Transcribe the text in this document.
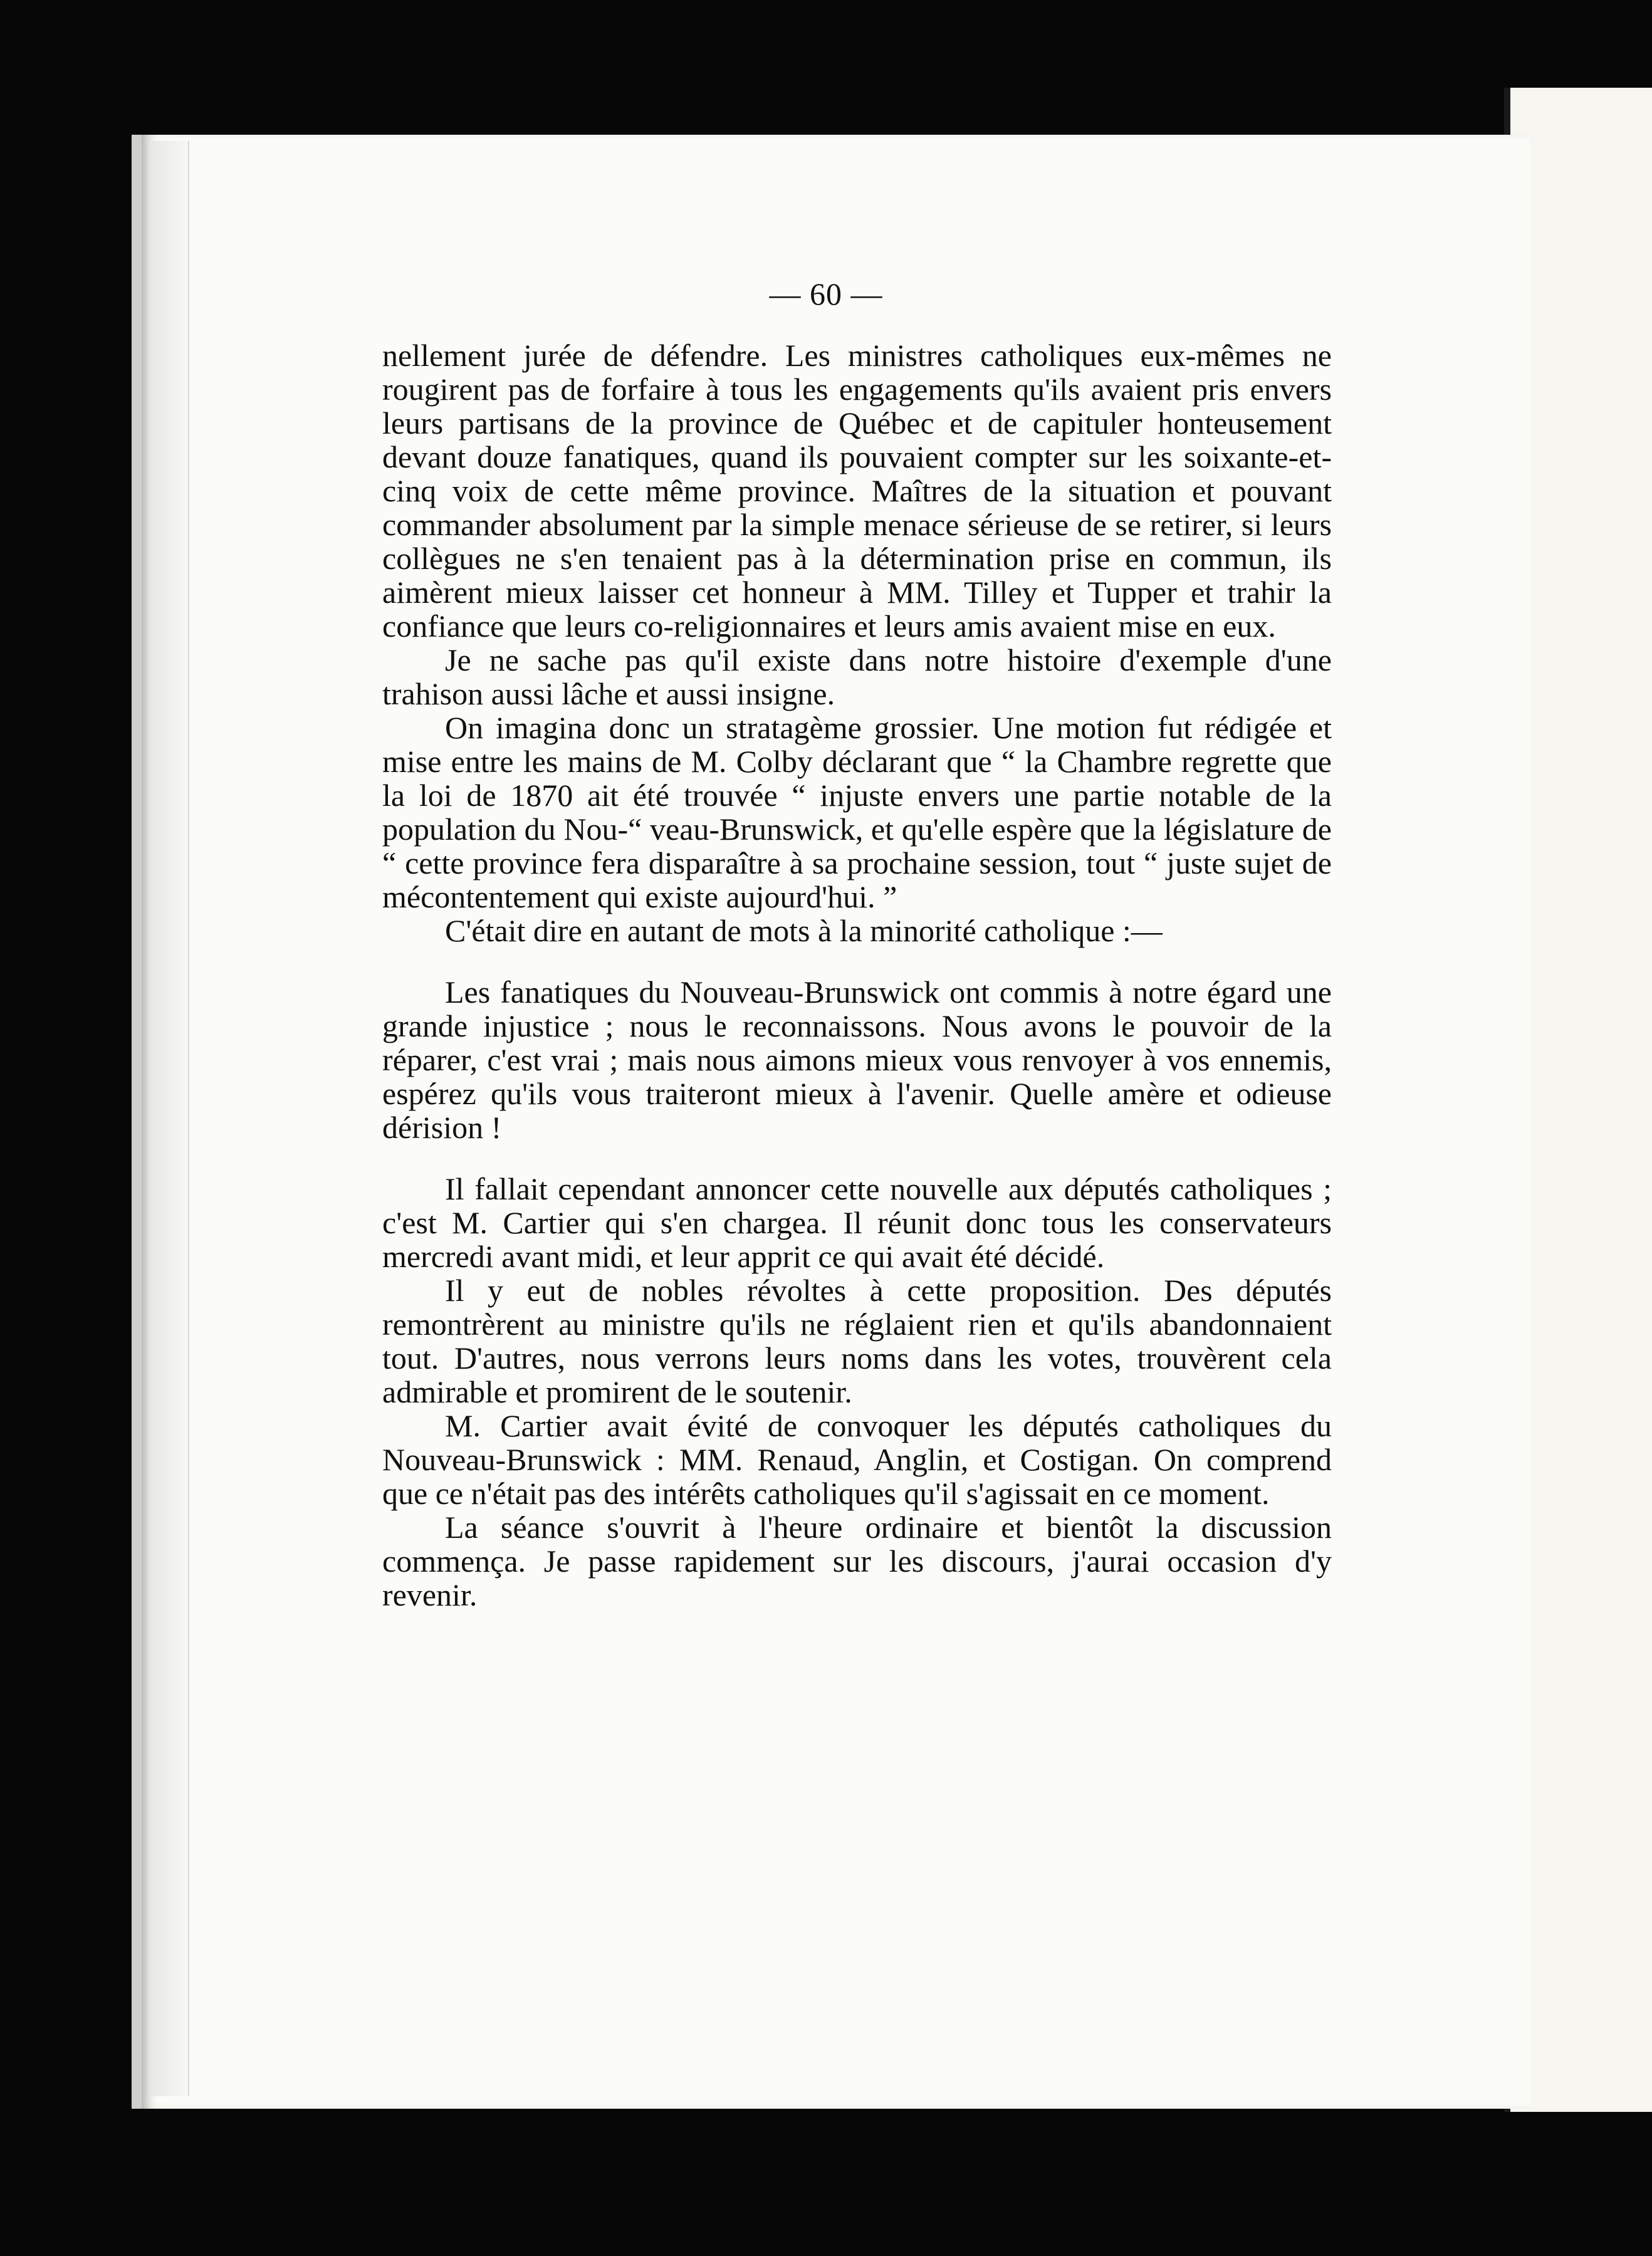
— 60 —

nellement jurée de défendre. Les ministres catholiques eux-mêmes ne rougirent pas de forfaire à tous les engagements qu'ils avaient pris envers leurs partisans de la province de Québec et de capituler honteusement devant douze fanatiques, quand ils pouvaient compter sur les soixante-et-cinq voix de cette même province. Maîtres de la situation et pouvant commander absolument par la simple menace sérieuse de se retirer, si leurs collègues ne s'en tenaient pas à la détermination prise en commun, ils aimèrent mieux laisser cet honneur à MM. Tilley et Tupper et trahir la confiance que leurs co-religionnaires et leurs amis avaient mise en eux.

Je ne sache pas qu'il existe dans notre histoire d'exemple d'une trahison aussi lâche et aussi insigne.

On imagina donc un stratagème grossier. Une motion fut rédigée et mise entre les mains de M. Colby déclarant que “ la Chambre regrette que la loi de 1870 ait été trouvée “ injuste envers une partie notable de la population du Nou-“ veau-Brunswick, et qu'elle espère que la législature de “ cette province fera disparaître à sa prochaine session, tout “ juste sujet de mécontentement qui existe aujourd'hui. ”

C'était dire en autant de mots à la minorité catholique :—

Les fanatiques du Nouveau-Brunswick ont commis à notre égard une grande injustice ; nous le reconnaissons. Nous avons le pouvoir de la réparer, c'est vrai ; mais nous aimons mieux vous renvoyer à vos ennemis, espérez qu'ils vous traiteront mieux à l'avenir. Quelle amère et odieuse dérision !

Il fallait cependant annoncer cette nouvelle aux députés catholiques ; c'est M. Cartier qui s'en chargea. Il réunit donc tous les conservateurs mercredi avant midi, et leur apprit ce qui avait été décidé.

Il y eut de nobles révoltes à cette proposition. Des députés remontrèrent au ministre qu'ils ne réglaient rien et qu'ils abandonnaient tout. D'autres, nous verrons leurs noms dans les votes, trouvèrent cela admirable et promirent de le soutenir.

M. Cartier avait évité de convoquer les députés catholiques du Nouveau-Brunswick : MM. Renaud, Anglin, et Costigan. On comprend que ce n'était pas des intérêts catholiques qu'il s'agissait en ce moment.

La séance s'ouvrit à l'heure ordinaire et bientôt la discussion commença. Je passe rapidement sur les discours, j'aurai occasion d'y revenir.
